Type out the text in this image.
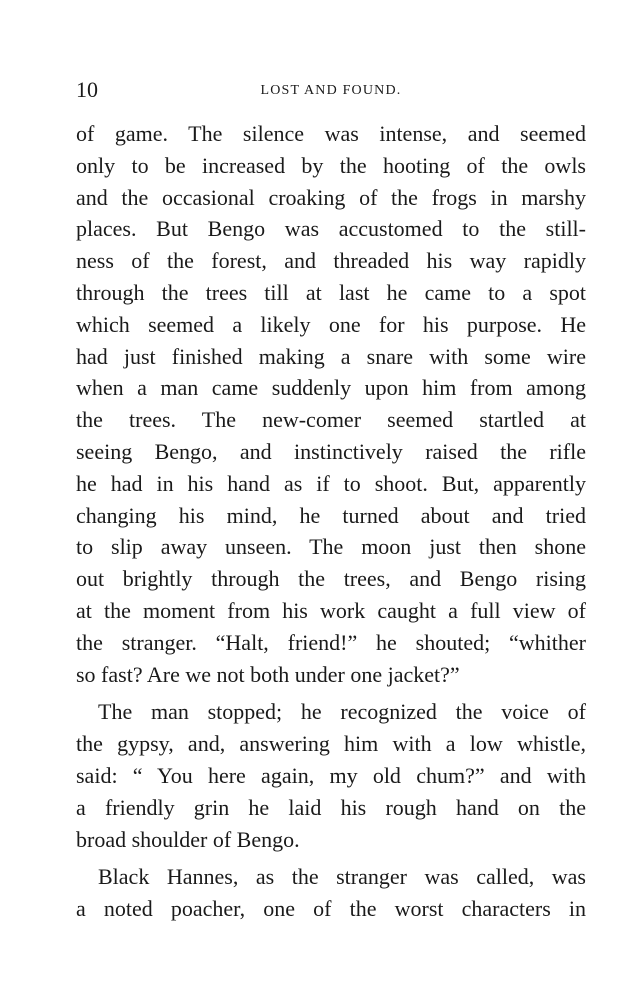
10	LOST AND FOUND.
of game. The silence was intense, and seemed
only to be increased by the hooting of the owls
and the occasional croaking of the frogs in marshy
places. But Bengo was accustomed to the still-
ness of the forest, and threaded his way rapidly
through the trees till at last he came to a spot
which seemed a likely one for his purpose. He
had just finished making a snare with some wire
when a man came suddenly upon him from among
the trees. The new-comer seemed startled at
seeing Bengo, and instinctively raised the rifle
he had in his hand as if to shoot. But, apparently
changing his mind, he turned about and tried
to slip away unseen. The moon just then shone
out brightly through the trees, and Bengo rising
at the moment from his work caught a full view of
the stranger. “Halt, friend!” he shouted; “whither
so fast? Are we not both under one jacket?”
The man stopped; he recognized the voice of
the gypsy, and, answering him with a low whistle,
said: “ You here again, my old chum?” and with
a friendly grin he laid his rough hand on the
broad shoulder of Bengo.
Black Hannes, as the stranger was called, was
a noted poacher, one of the worst characters in
